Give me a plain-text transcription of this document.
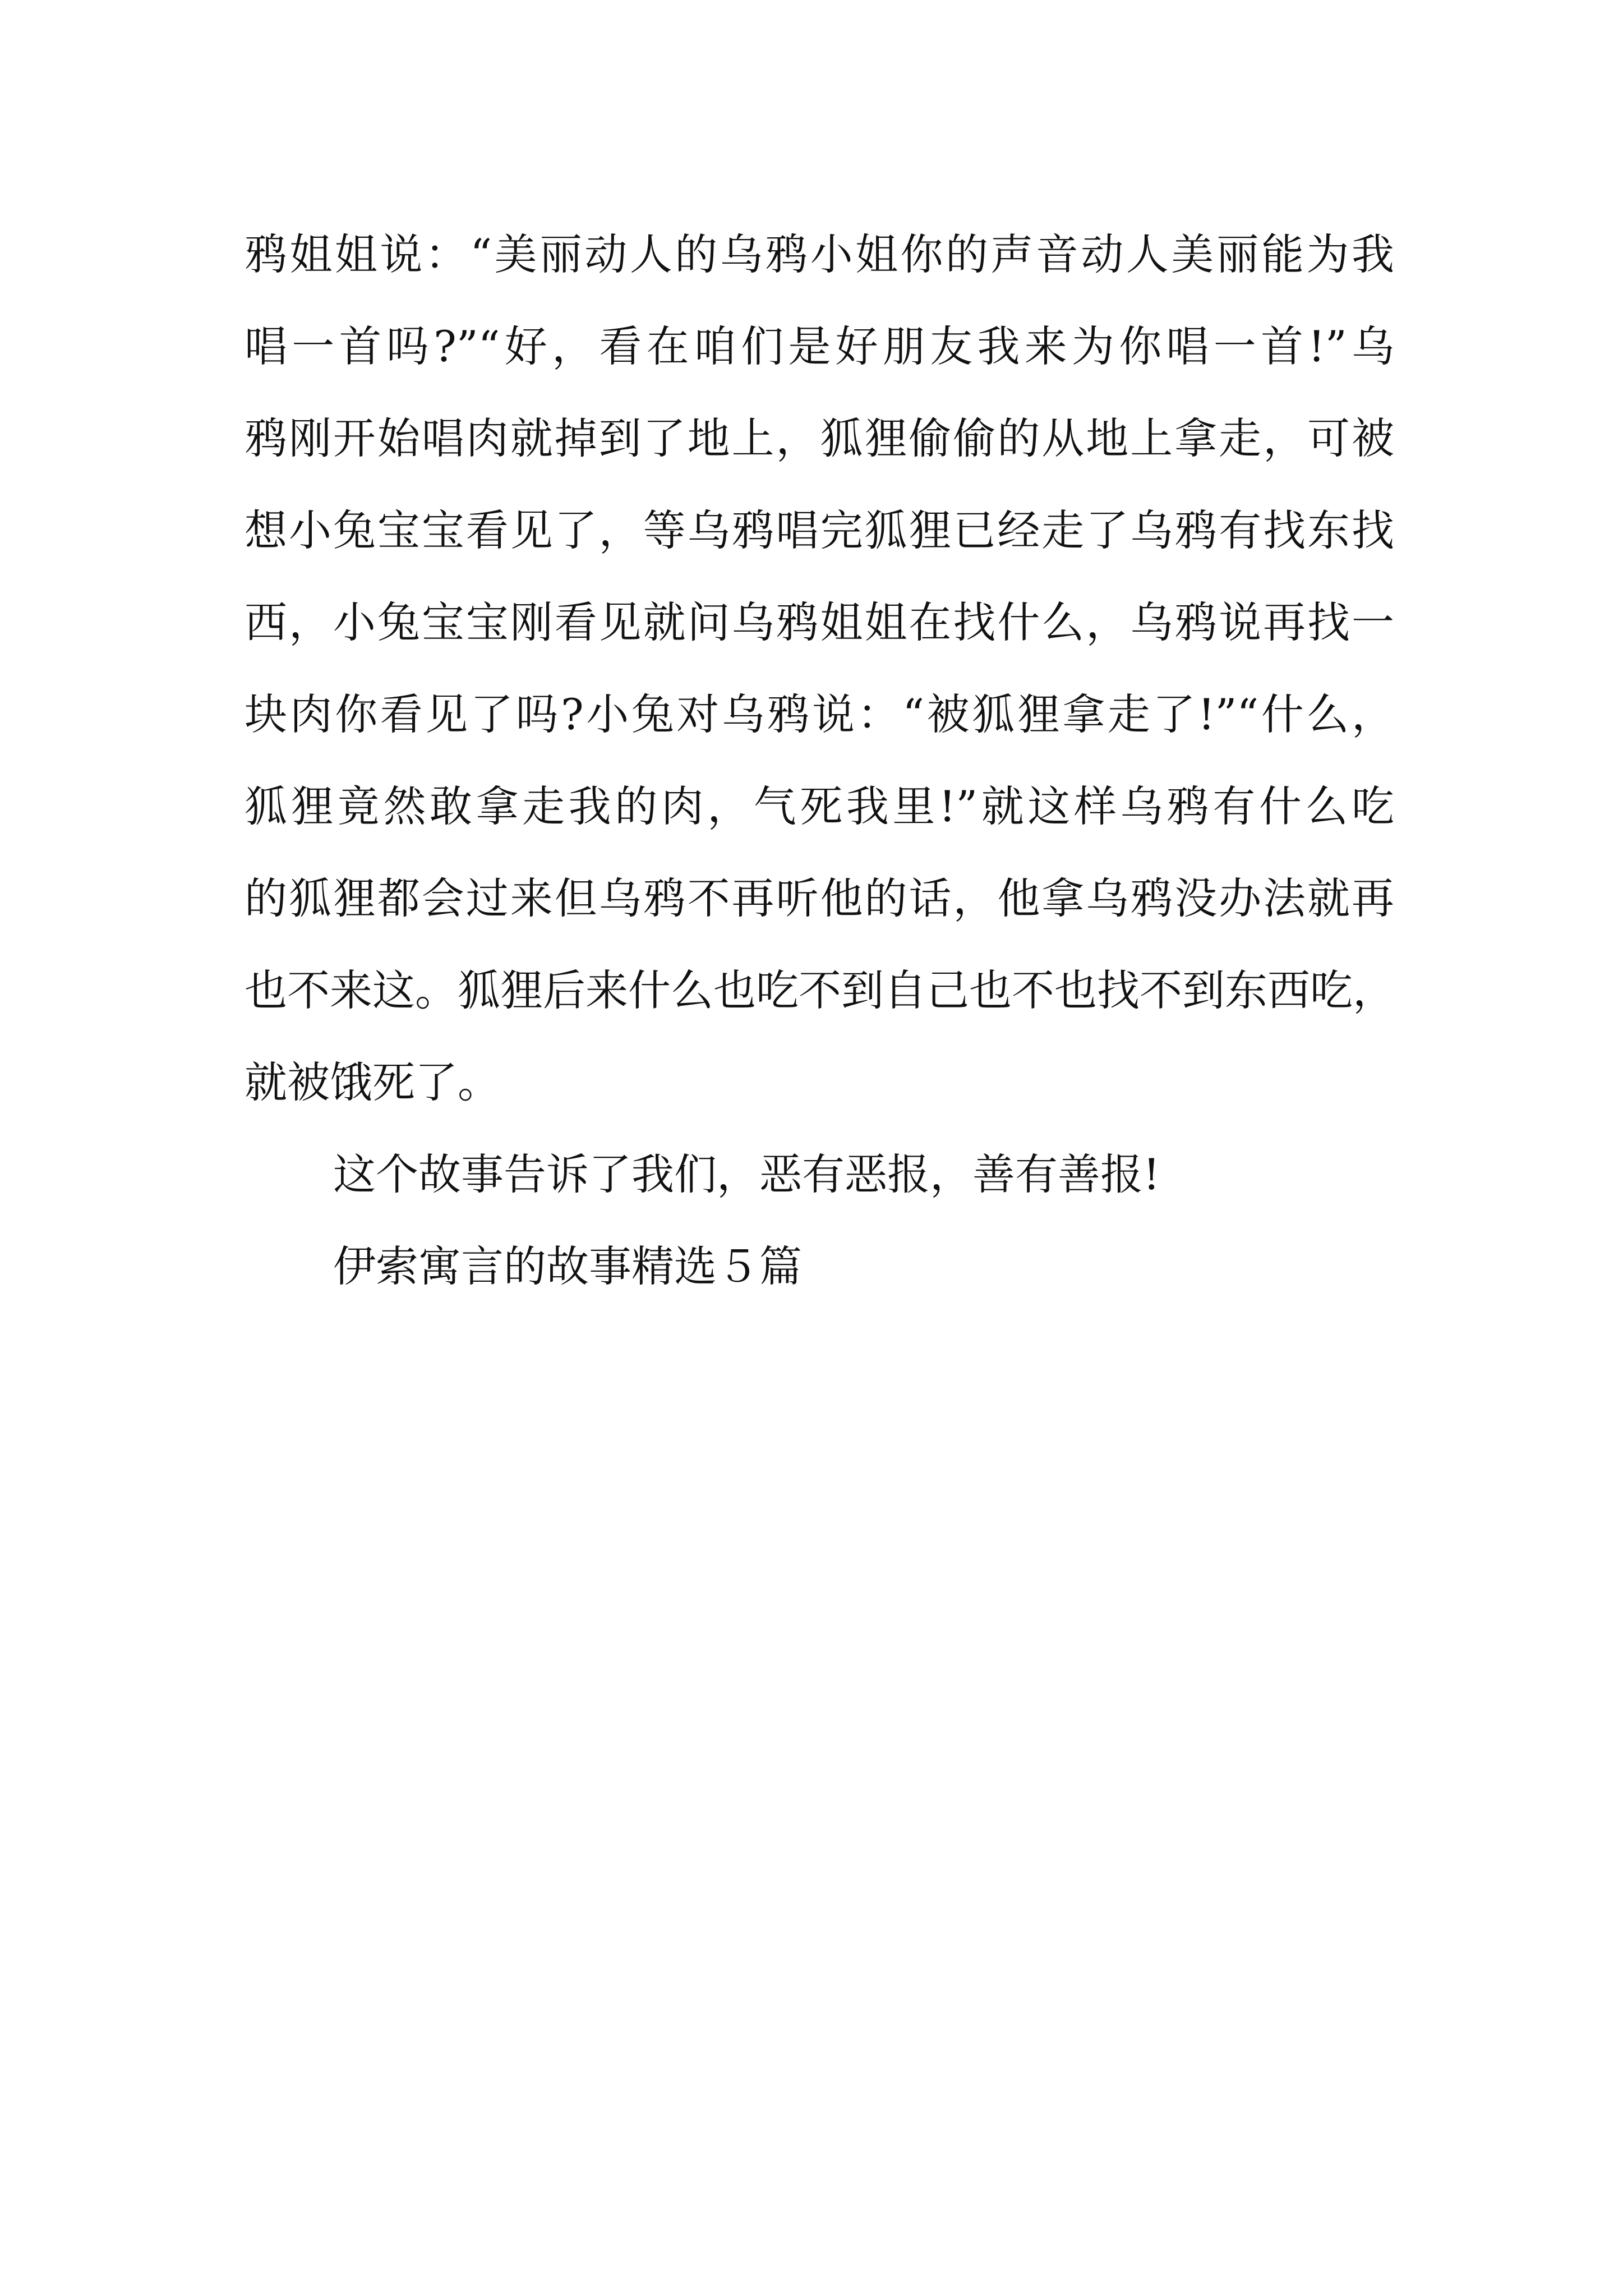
鸦姐姐说：“美丽动人的乌鸦小姐你的声音动人美丽能为我
唱一首吗?”“好，看在咱们是好朋友我来为你唱一首!”乌
鸦刚开始唱肉就掉到了地上，狐狸偷偷的从地上拿走，可被
想小兔宝宝看见了，等乌鸦唱完狐狸已经走了乌鸦有找东找
西，小兔宝宝刚看见就问乌鸦姐姐在找什么，乌鸦说再找一
块肉你看见了吗?小兔对乌鸦说：“被狐狸拿走了!”“什么，
狐狸竟然敢拿走我的肉，气死我里!”就这样乌鸦有什么吃
的狐狸都会过来但乌鸦不再听他的话，他拿乌鸦没办法就再
也不来这。狐狸后来什么也吃不到自己也不也找不到东西吃，
就被饿死了。
这个故事告诉了我们，恶有恶报，善有善报!
伊索寓言的故事精选５篇
